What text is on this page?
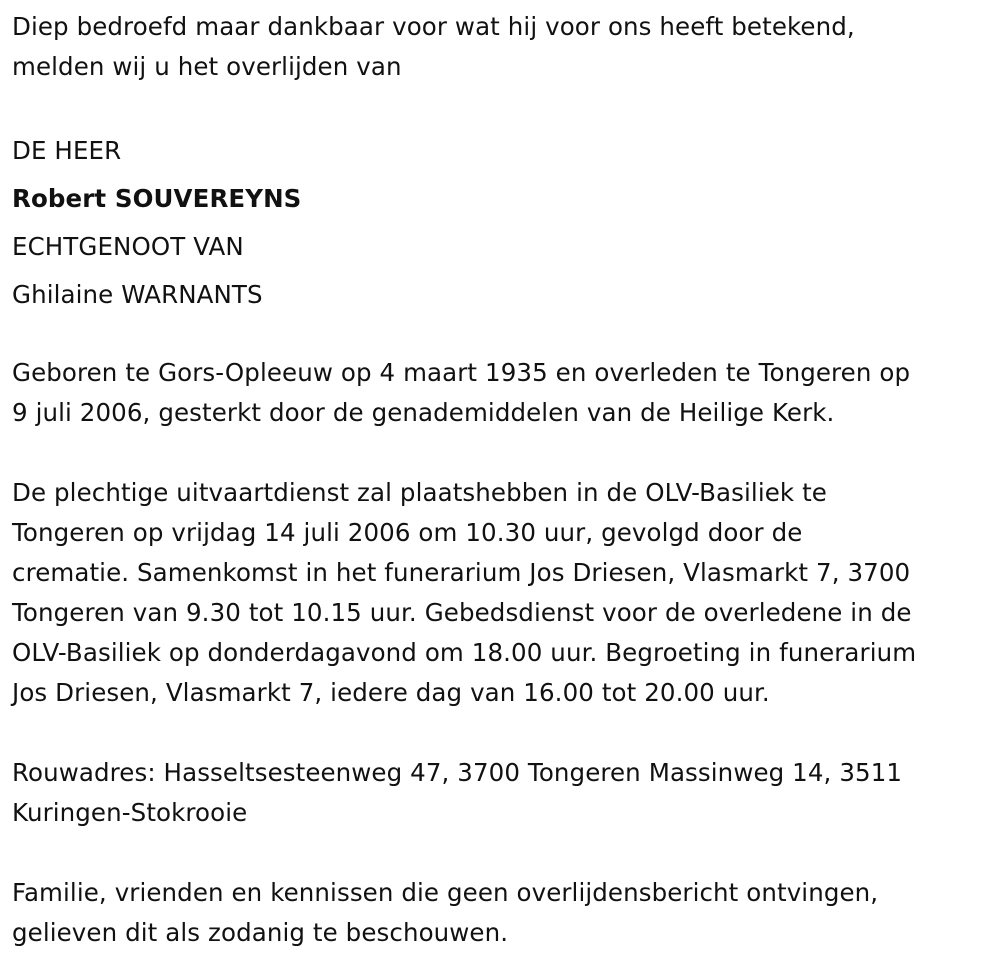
Diep bedroefd maar dankbaar voor wat hij voor ons heeft betekend,
melden wij u het overlijden van

DE HEER
Robert SOUVEREYNS
ECHTGENOOT VAN
Ghilaine WARNANTS

Geboren te Gors-Opleeuw op 4 maart 1935 en overleden te Tongeren op
9 juli 2006, gesterkt door de genademiddelen van de Heilige Kerk.

De plechtige uitvaartdienst zal plaatshebben in de OLV-Basiliek te
Tongeren op vrijdag 14 juli 2006 om 10.30 uur, gevolgd door de
crematie. Samenkomst in het funerarium Jos Driesen, Vlasmarkt 7, 3700
Tongeren van 9.30 tot 10.15 uur. Gebedsdienst voor de overledene in de
OLV-Basiliek op donderdagavond om 18.00 uur. Begroeting in funerarium
Jos Driesen, Vlasmarkt 7, iedere dag van 16.00 tot 20.00 uur.

Rouwadres: Hasseltsesteenweg 47, 3700 Tongeren Massinweg 14, 3511
Kuringen-Stokrooie

Familie, vrienden en kennissen die geen overlijdensbericht ontvingen,
gelieven dit als zodanig te beschouwen.
